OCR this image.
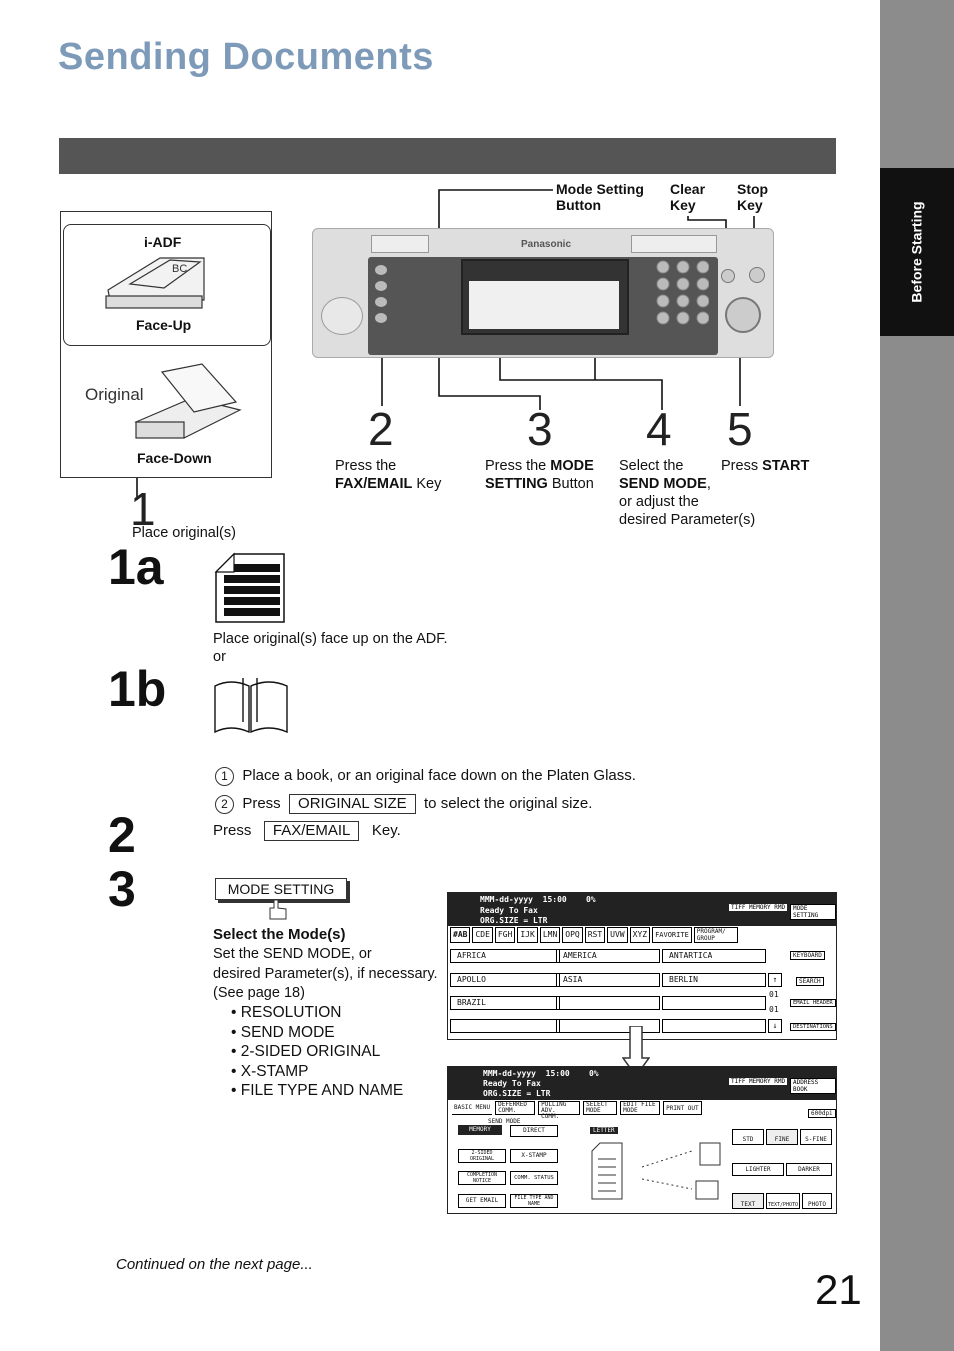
Before Starting
Sending Documents
Mode Setting
Button
Clear
Key
Stop
Key
i-ADF
BC
Face-Up
Original
Face-Down
Panasonic
1
Place original(s)
2
Press the
FAX/EMAIL Key
3
Press the MODE
SETTING Button
4
Select the
SEND MODE,
or adjust the
desired Parameter(s)
5
Press START
1a
Place original(s) face up on the ADF.
or
1b
1 Place a book, or an original face down on the Platen Glass.
2 Press ORIGINAL SIZE to select the original size.
2	Press FAX/EMAIL Key.
3	MODE SETTING
Select the Mode(s)
Set the SEND MODE, or
desired Parameter(s), if necessary.
(See page 18)
• RESOLUTION
• SEND MODE
• 2-SIDED ORIGINAL
• X-STAMP
• FILE TYPE AND NAME
MMM-dd-yyyy 15:00 0%
Ready To Fax
ORG.SIZE = LTR
TIFF MEMORY RMD	MODE SETTING
#AB	CDE	FGH	IJK	LMN	OPQ	RST	UVW	XYZ	FAVORITE	PROGRAM/ GROUP
AFRICA	AMERICA	ANTARTICA
APOLLO	ASIA	BERLIN
BRAZIL
↑
01
01
↓
KEYBOARD
SEARCH
EMAIL HEADER
DESTINATIONS
MMM-dd-yyyy 15:00 0%
Ready To Fax
ORG.SIZE = LTR
TIFF MEMORY RMD	ADDRESS BOOK
BASIC MENU	DEFERRED COMM.
POLLING ADV. COMM.
SELECT MODE
EDIT FILE MODE	PRINT OUT
SEND MODE
MEMORY	DIRECT	LETTER
2-SIDED ORIGINAL	X-STAMP
COMPLETION NOTICE	COMM. STATUS
GET EMAIL	FILE TYPE AND NAME
600dpi
STD	FINE	S-FINE
LIGHTER	DARKER
TEXT	TEXT/PHOTO	PHOTO
Continued on the next page...
21
